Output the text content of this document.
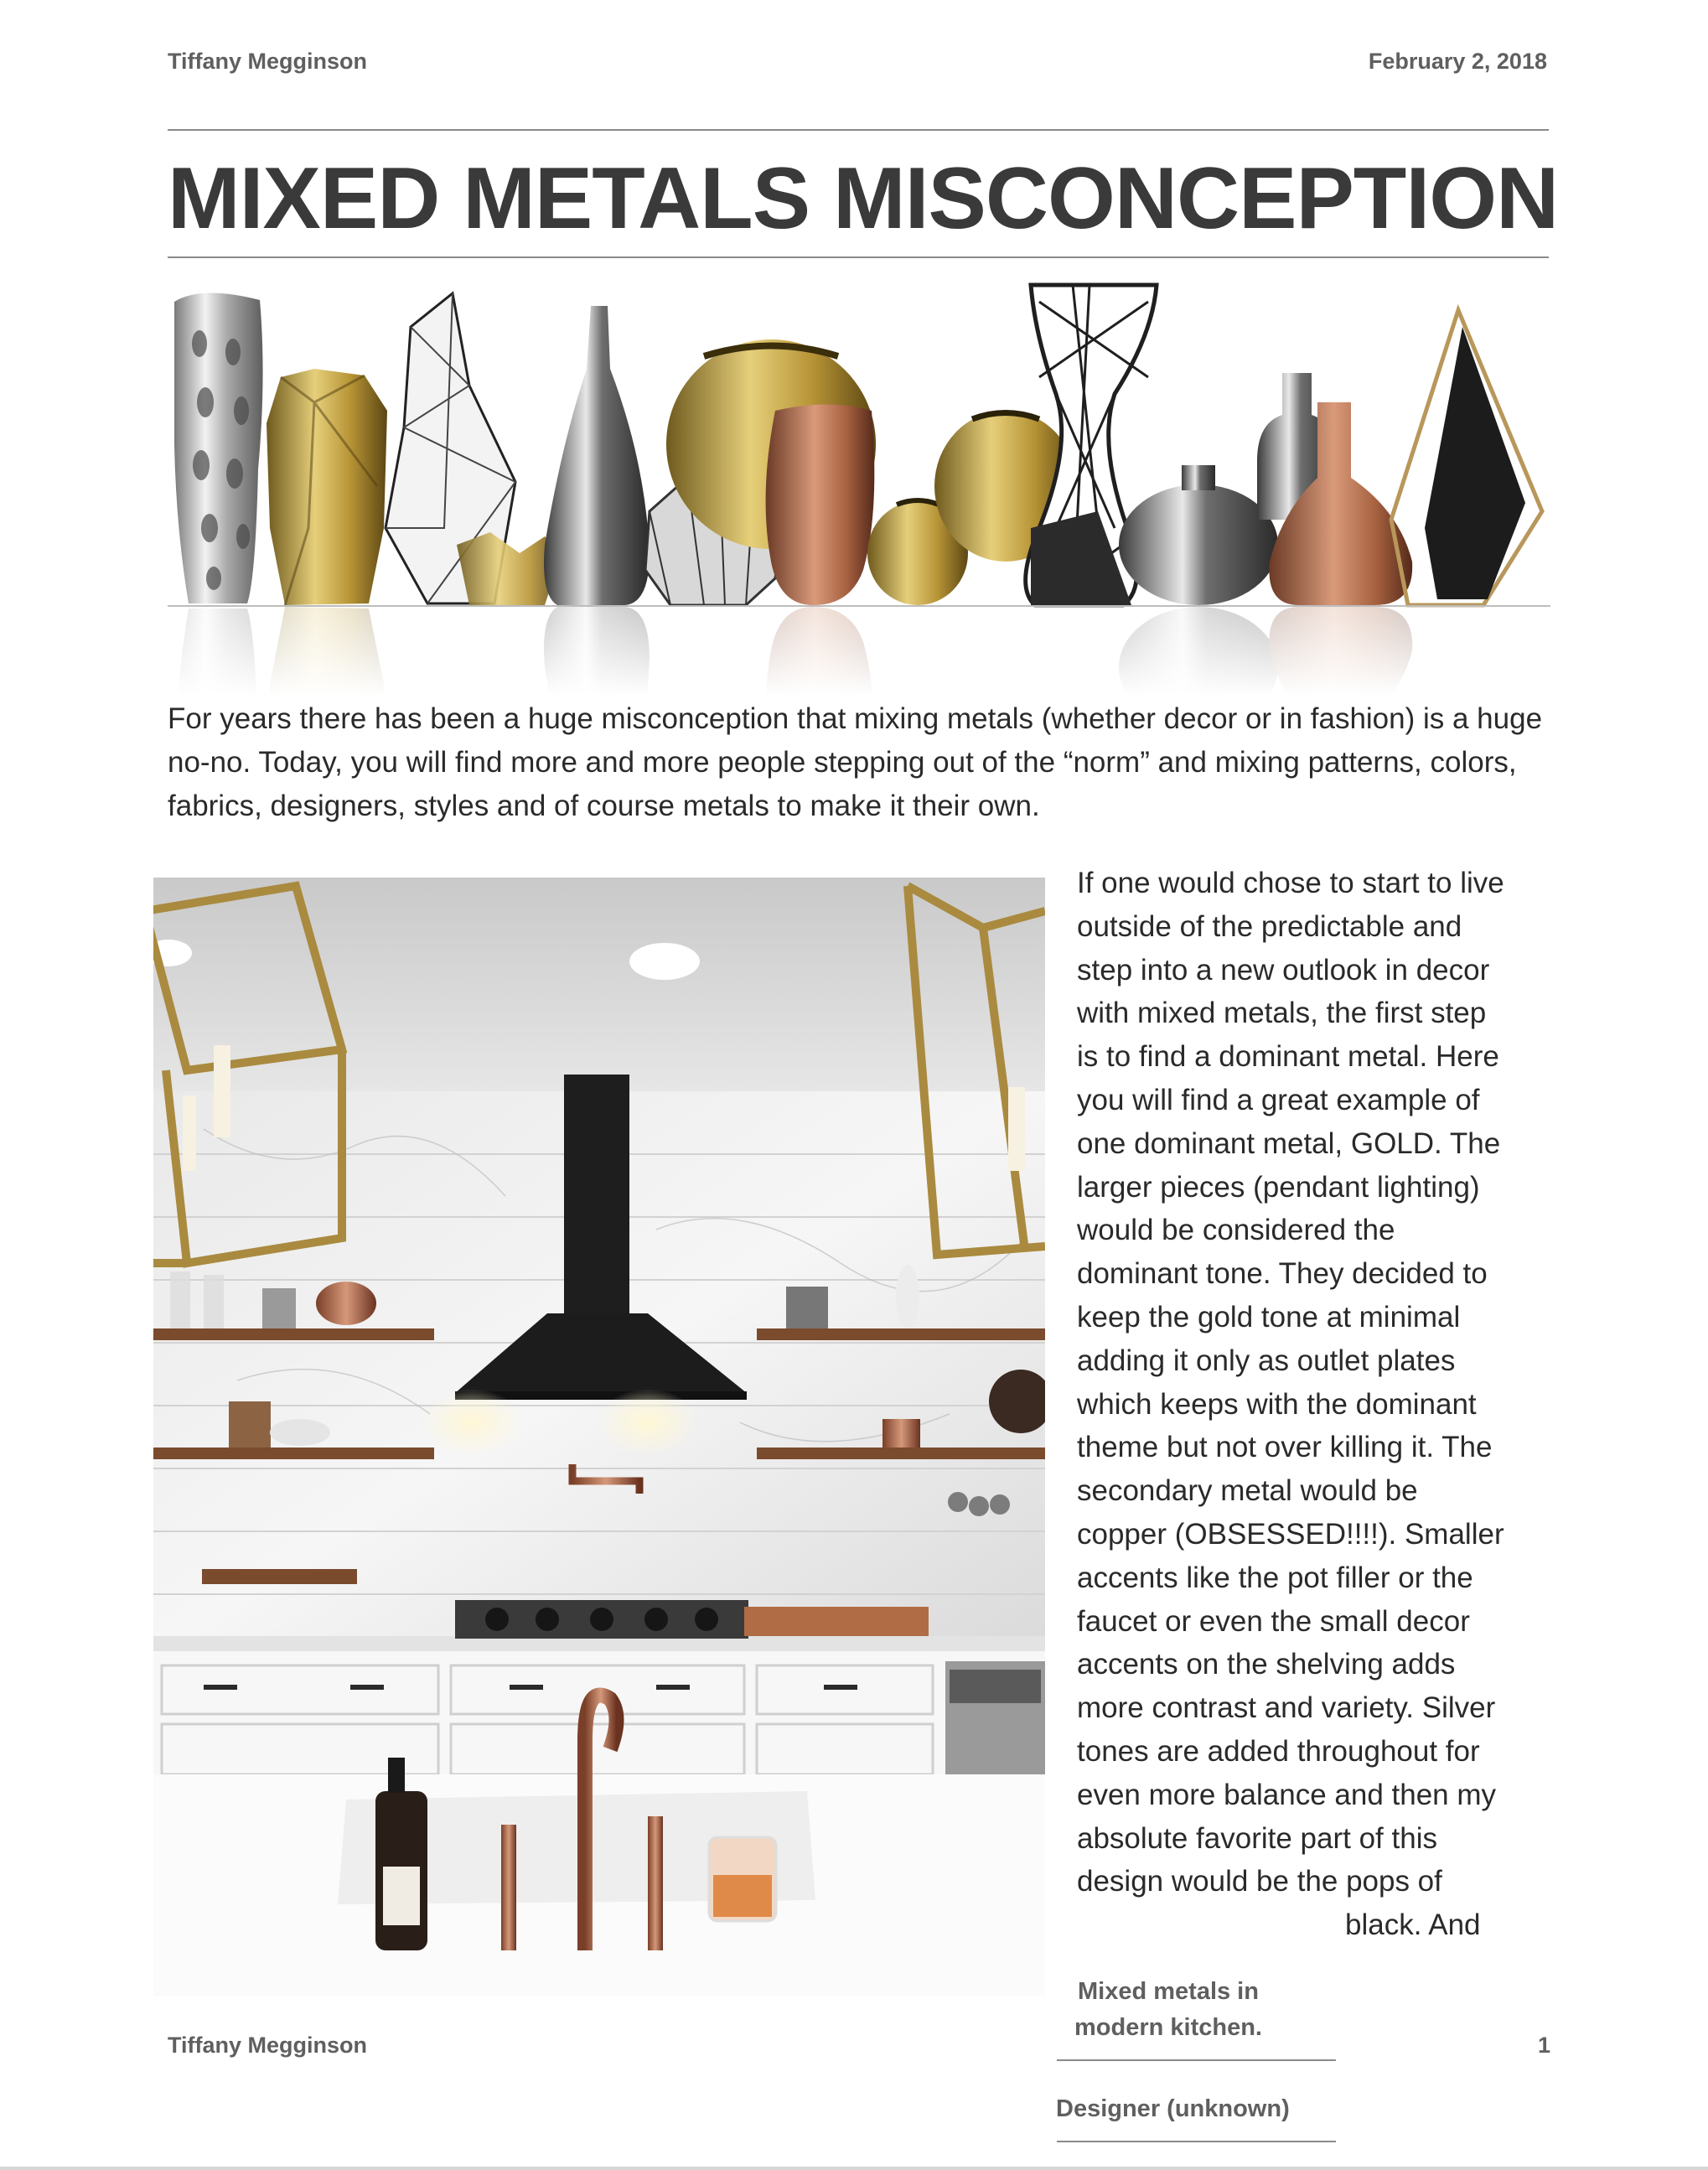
Tiffany Megginson	February 2, 2018
MIXED METALS MISCONCEPTION
For years there has been a huge misconception that mixing metals (whether decor or in fashion) is a huge no-no. Today, you will find more and more people stepping out of the “norm” and mixing patterns, colors, fabrics, designers, styles and of course metals to make it their own.
If one would chose to start to live
outside of the predictable and
step into a new outlook in decor
with mixed metals, the first step
is to find a dominant metal. Here
you will find a great example of
one dominant metal, GOLD. The
larger pieces (pendant lighting)
would be considered the
dominant tone. They decided to
keep the gold tone at minimal
adding it only as outlet plates
which keeps with the dominant
theme but not over killing it. The
secondary metal would be
copper (OBSESSED!!!!). Smaller
accents like the pot filler or the
faucet or even the small decor
accents on the shelving adds
more contrast and variety. Silver
tones are added throughout for
even more balance and then my
absolute favorite part of this
design would be the pops of
black. And
Mixed metals in
modern kitchen.
Designer (unknown)
Tiffany Megginson	1
